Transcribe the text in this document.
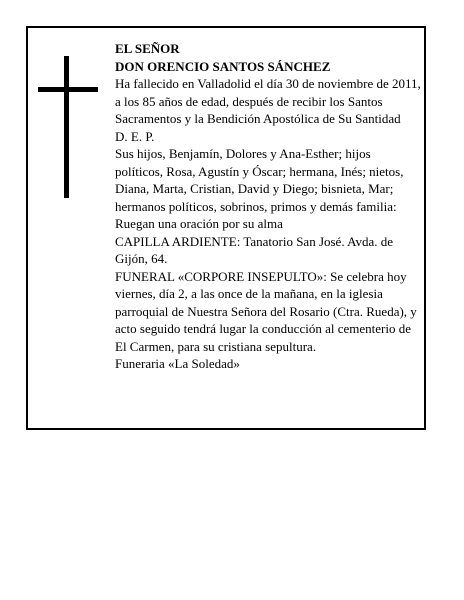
EL SEÑOR

DON ORENCIO SANTOS SÁNCHEZ

Ha fallecido en Valladolid el día 30 de noviembre de 2011, a los 85 años de edad, después de recibir los Santos Sacramentos y la Bendición Apostólica de Su Santidad

D. E. P.

Sus hijos, Benjamín, Dolores y Ana-Esther; hijos políticos, Rosa, Agustín y Óscar; hermana, Inés; nietos, Diana, Marta, Cristian, David y Diego; bisnieta, Mar; hermanos políticos, sobrinos, primos y demás familia:

Ruegan una oración por su alma

CAPILLA ARDIENTE: Tanatorio San José. Avda. de Gijón, 64.

FUNERAL «CORPORE INSEPULTO»: Se celebra hoy viernes, día 2, a las once de la mañana, en la iglesia parroquial de Nuestra Señora del Rosario (Ctra. Rueda), y acto seguido tendrá lugar la conducción al cementerio de El Carmen, para su cristiana sepultura.

Funeraria «La Soledad»
